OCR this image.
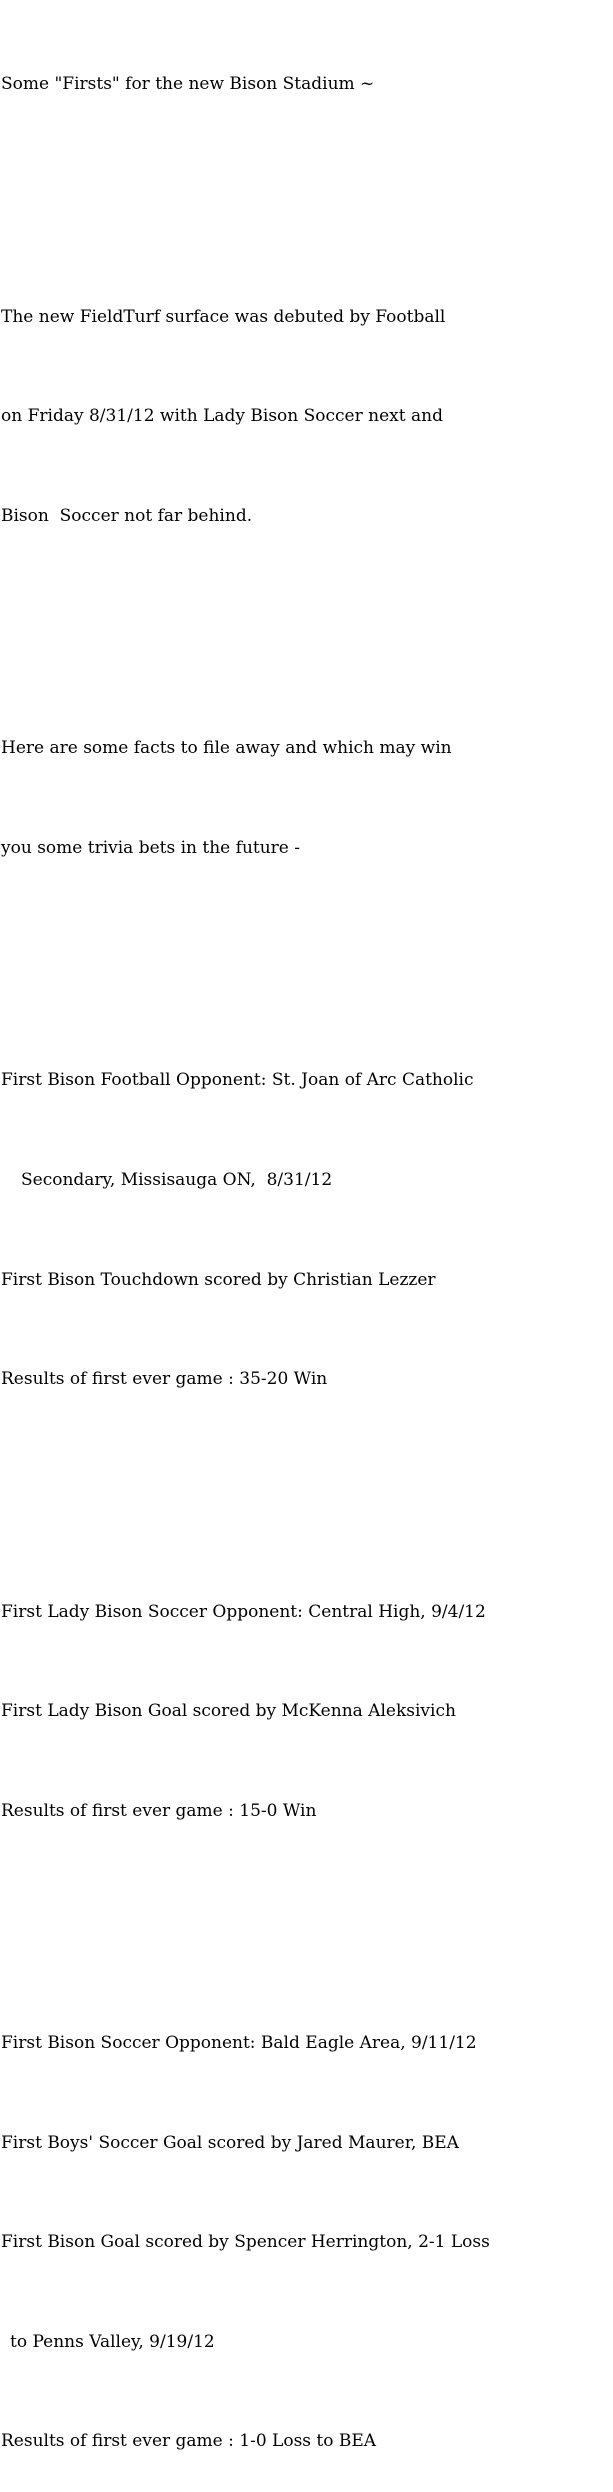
Some "Firsts" for the new Bison Stadium ~

The new FieldTurf surface was debuted by Football

on Friday 8/31/12 with Lady Bison Soccer next and

Bison  Soccer not far behind.

Here are some facts to file away and which may win

you some trivia bets in the future -

First Bison Football Opponent: St. Joan of Arc Catholic

Secondary, Missisauga ON,  8/31/12

First Bison Touchdown scored by Christian Lezzer

Results of first ever game : 35-20 Win

First Lady Bison Soccer Opponent: Central High, 9/4/12

First Lady Bison Goal scored by McKenna Aleksivich

Results of first ever game : 15-0 Win

First Bison Soccer Opponent: Bald Eagle Area, 9/11/12

First Boys' Soccer Goal scored by Jared Maurer, BEA

First Bison Goal scored by Spencer Herrington, 2-1 Loss

to Penns Valley, 9/19/12

Results of first ever game : 1-0 Loss to BEA
